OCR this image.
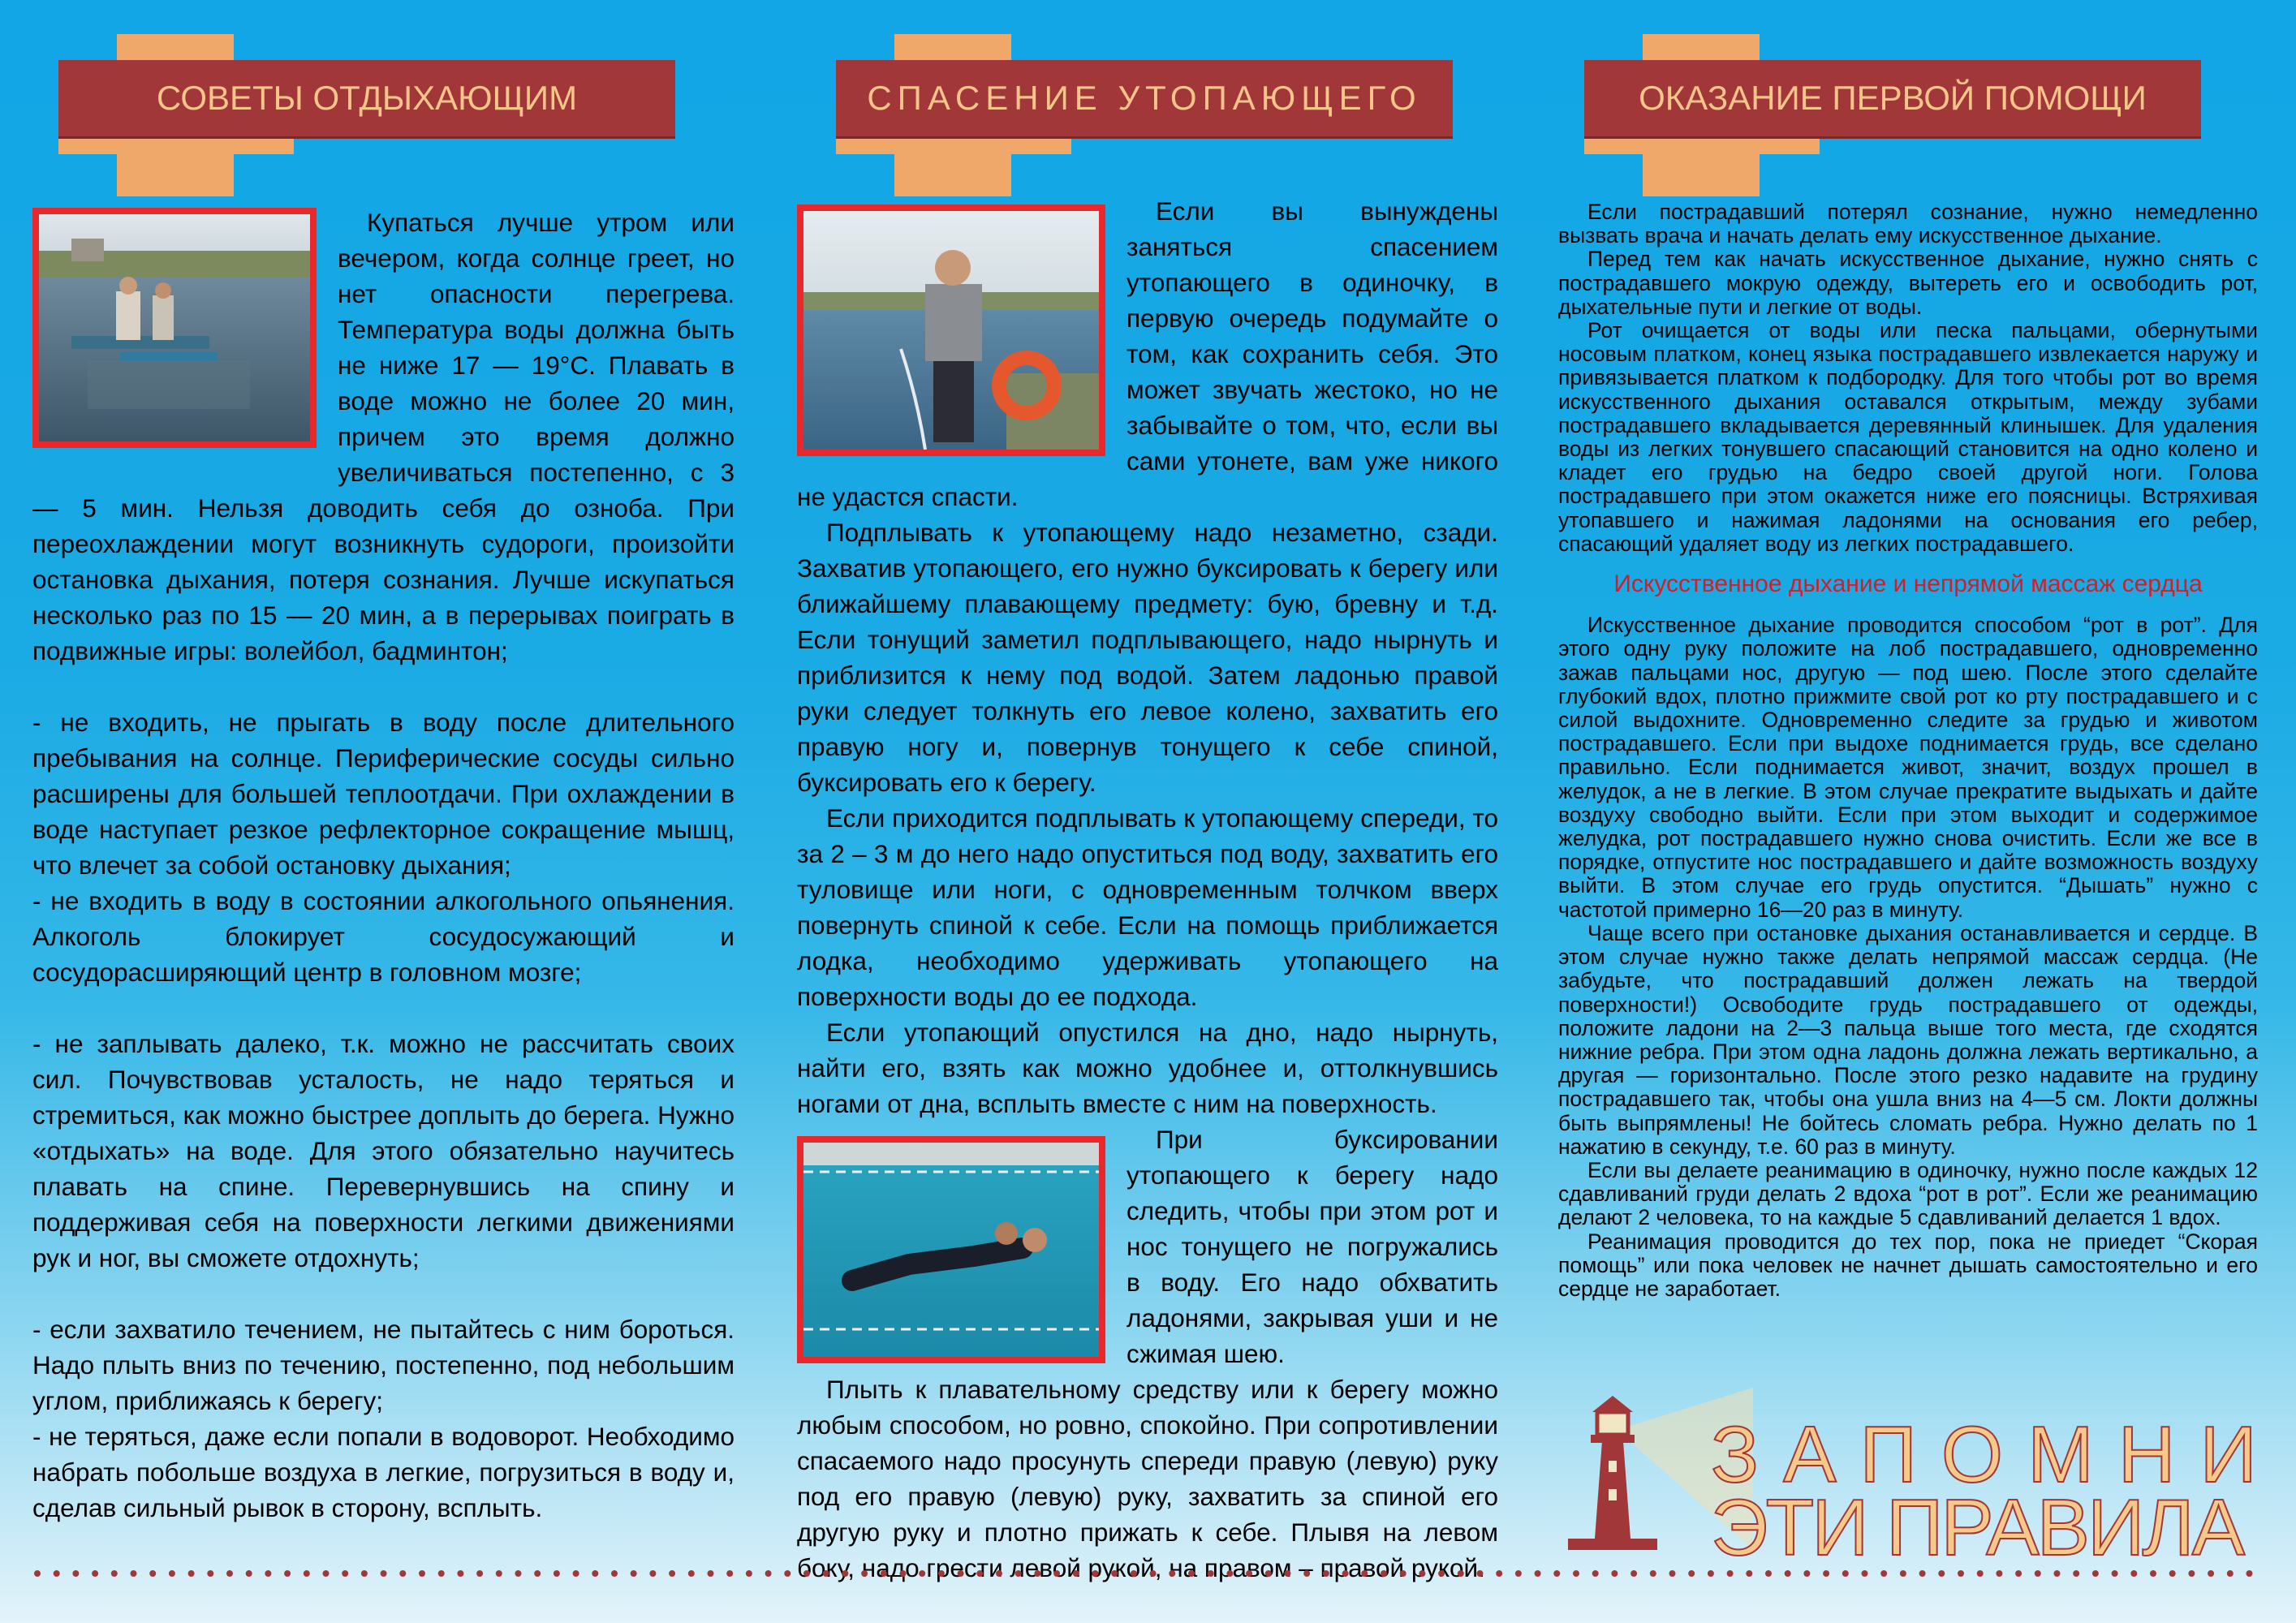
СОВЕТЫ ОТДЫХАЮЩИМ	СПАСЕНИЕ УТОПАЮЩЕГО	ОКАЗАНИЕ ПЕРВОЙ ПОМОЩИ

Купаться лучше утром или вечером, когда солнце греет, но нет опасности перегрева. Температура воды должна быть не ниже 17 — 19°С. Плавать в воде можно не более 20 мин, причем это время должно увеличиваться постепенно, с 3 — 5 мин. Нельзя доводить себя до озноба. При переохлаждении могут возникнуть судороги, произойти остановка дыхания, потеря сознания. Лучше искупаться несколько раз по 15 — 20 мин, а в перерывах поиграть в подвижные игры: волейбол, бадминтон;

- не входить, не прыгать в воду после длительного пребывания на солнце. Периферические сосуды сильно расширены для большей теплоотдачи. При охлаждении в воде наступает резкое рефлекторное сокращение мышц, что влечет за собой остановку дыхания;

- не входить в воду в состоянии алкогольного опьянения. Алкоголь блокирует сосудосужающий и сосудорасширяющий центр в головном мозге;

- не заплывать далеко, т.к. можно не рассчитать своих сил. Почувствовав усталость, не надо теряться и стремиться, как можно быстрее доплыть до берега. Нужно «отдыхать» на воде. Для этого обязательно научитесь плавать на спине. Перевернувшись на спину и поддерживая себя на поверхности легкими движениями рук и ног, вы сможете отдохнуть;

- если захватило течением, не пытайтесь с ним бороться. Надо плыть вниз по течению, постепенно, под небольшим углом, приближаясь к берегу;

- не теряться, даже если попали в водоворот. Необходимо набрать побольше воздуха в легкие, погрузиться в воду и, сделав сильный рывок в сторону, всплыть.

Если вы вынуждены заняться спасением утопающего в одиночку, в первую очередь подумайте о том, как сохранить себя. Это может звучать жестоко, но не забывайте о том, что, если вы сами утонете, вам уже никого не удастся спасти.

Подплывать к утопающему надо незаметно, сзади. Захватив утопающего, его нужно буксировать к берегу или ближайшему плавающему предмету: бую, бревну и т.д. Если тонущий заметил подплывающего, надо нырнуть и приблизится к нему под водой. Затем ладонью правой руки следует толкнуть его левое колено, захватить его правую ногу и, повернув тонущего к себе спиной, буксировать его к берегу.

Если приходится подплывать к утопающему спереди, то за 2 – 3 м до него надо опуститься под воду, захватить его туловище или ноги, с одновременным толчком вверх повернуть спиной к себе. Если на помощь приближается лодка, необходимо удерживать утопающего на поверхности воды до ее подхода.

Если утопающий опустился на дно, надо нырнуть, найти его, взять как можно удобнее и, оттолкнувшись ногами от дна, всплыть вместе с ним на поверхность.

При буксировании утопающего к берегу надо следить, чтобы при этом рот и нос тонущего не погружались в воду. Его надо обхватить ладонями, закрывая уши и не сжимая шею.

Плыть к плавательному средству или к берегу можно любым способом, но ровно, спокойно. При сопротивлении спасаемого надо просунуть спереди правую (левую) руку под его правую (левую) руку, захватить за спиной его другую руку и плотно прижать к себе. Плывя на левом боку, надо грести левой рукой, на правом – правой рукой.

Если пострадавший потерял сознание, нужно немедленно вызвать врача и начать делать ему искусственное дыхание.

Перед тем как начать искусственное дыхание, нужно снять с пострадавшего мокрую одежду, вытереть его и освободить рот, дыхательные пути и легкие от воды.

Рот очищается от воды или песка пальцами, обернутыми носовым платком, конец языка пострадавшего извлекается наружу и привязывается платком к подбородку. Для того чтобы рот во время искусственного дыхания оставался открытым, между зубами пострадавшего вкладывается деревянный клинышек. Для удаления воды из легких тонувшего спасающий становится на одно колено и кладет его грудью на бедро своей другой ноги. Голова пострадавшего при этом окажется ниже его поясницы. Встряхивая утопавшего и нажимая ладонями на основания его ребер, спасающий удаляет воду из легких пострадавшего.

Искусственное дыхание и непрямой массаж сердца

Искусственное дыхание проводится способом “рот в рот”. Для этого одну руку положите на лоб пострадавшего, одновременно зажав пальцами нос, другую — под шею. После этого сделайте глубокий вдох, плотно прижмите свой рот ко рту пострадавшего и с силой выдохните. Одновременно следите за грудью и животом пострадавшего. Если при выдохе поднимается грудь, все сделано правильно. Если поднимается живот, значит, воздух прошел в желудок, а не в легкие. В этом случае прекратите выдыхать и дайте воздуху свободно выйти. Если при этом выходит и содержимое желудка, рот пострадавшего нужно снова очистить. Если же все в порядке, отпустите нос пострадавшего и дайте возможность воздуху выйти. В этом случае его грудь опустится. “Дышать” нужно с частотой примерно 16—20 раз в минуту.

Чаще всего при остановке дыхания останавливается и сердце. В этом случае нужно также делать непрямой массаж сердца. (Не забудьте, что пострадавший должен лежать на твердой поверхности!) Освободите грудь пострадавшего от одежды, положите ладони на 2—3 пальца выше того места, где сходятся нижние ребра. При этом одна ладонь должна лежать вертикально, а другая — горизонтально. После этого резко надавите на грудину пострадавшего так, чтобы она ушла вниз на 4—5 см. Локти должны быть выпрямлены! Не бойтесь сломать ребра. Нужно делать по 1 нажатию в секунду, т.е. 60 раз в минуту.

Если вы делаете реанимацию в одиночку, нужно после каждых 12 сдавливаний груди делать 2 вдоха “рот в рот”. Если же реанимацию делают 2 человека, то на каждые 5 сдавливаний делается 1 вдох.

Реанимация проводится до тех пор, пока не приедет “Скорая помощь” или пока человек не начнет дышать самостоятельно и его сердце не заработает.

ЗАПОМНИ
ЭТИ ПРАВИЛА
